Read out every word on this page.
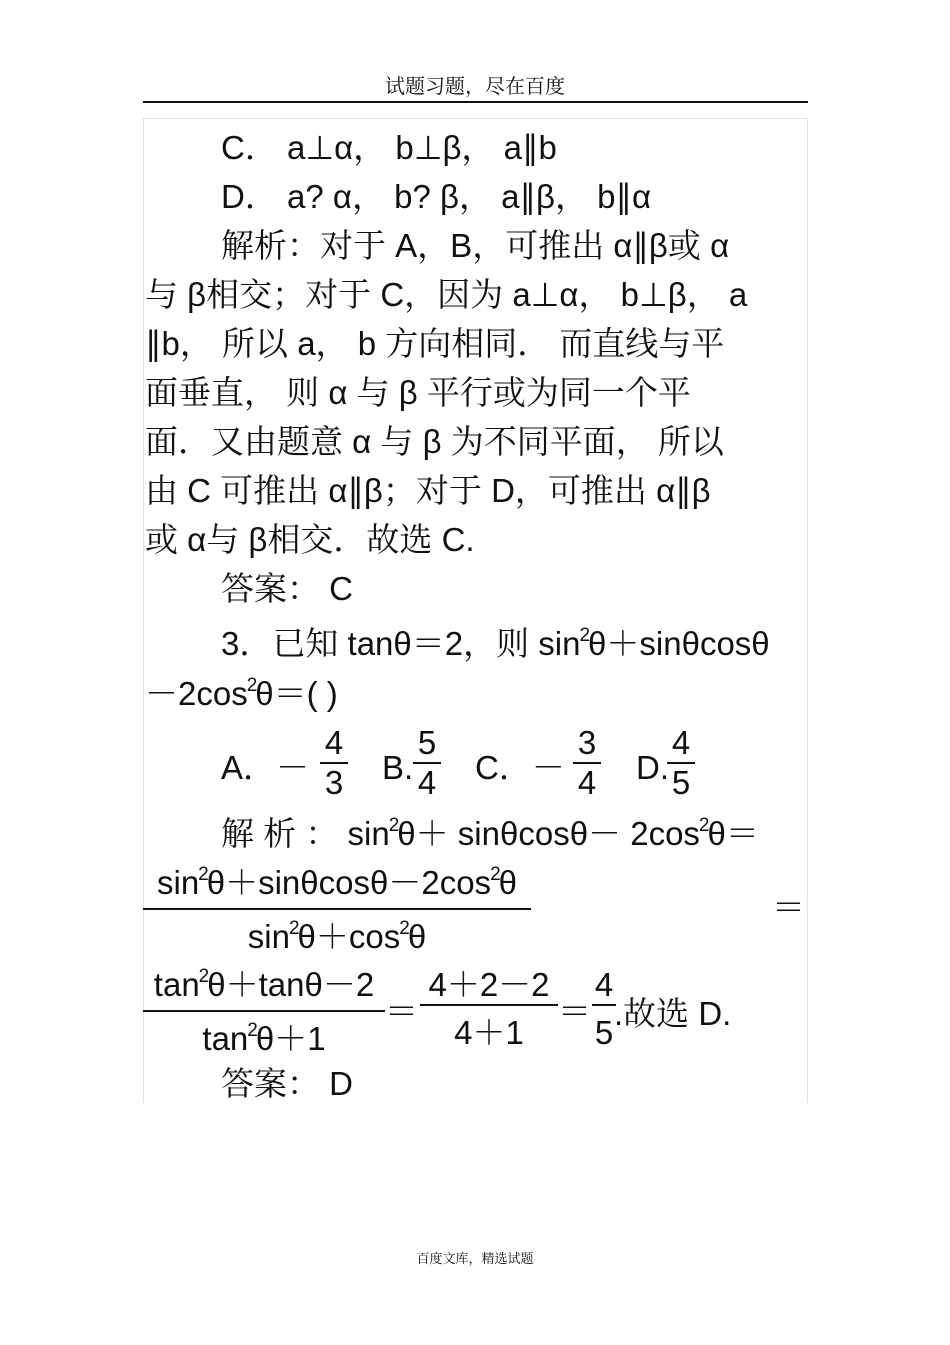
试题习题，尽在百度
C． a⊥α， b⊥β， a∥b
D． a? α， b? β， a∥β， b∥α
解析：对于 A，B，可推出 α∥β或 α
与 β相交；对于 C，因为 a⊥α， b⊥β， a
∥b， 所以 a， b 方向相同． 而直线与平
面垂直， 则 α 与 β 平行或为同一个平
面．又由题意 α 与 β 为不同平面， 所以
由 C 可推出 α∥β；对于 D，可推出 α∥β
或 α与 β相交．故选 C.
答案： C
3．已知 tanθ＝2，则 $\sin^2\theta+\sin\theta\cos\theta$
$-2\cos^2\theta=$( )
A．－ $\frac{4}{3} B$. $\frac{5}{4}$ C．－ $\frac{3}{4} D$.
$\frac{4}{5}$
解 析 ： $\sin^2\theta+ \sin\theta\cos\theta- 2\cos^2\theta=$
$\frac{\sin^2\theta+\sin\theta\cos\theta-2\cos^2\theta}{\sin^2\theta+\cos^2\theta}$	＝
$\frac{\tan^2\theta+\tan\theta-2}{\tan^2\theta+1} = \frac{4+2-2}{4+1} = \frac{4}{5}$
.故选 D.
答案： D
百度文库，精选试题
